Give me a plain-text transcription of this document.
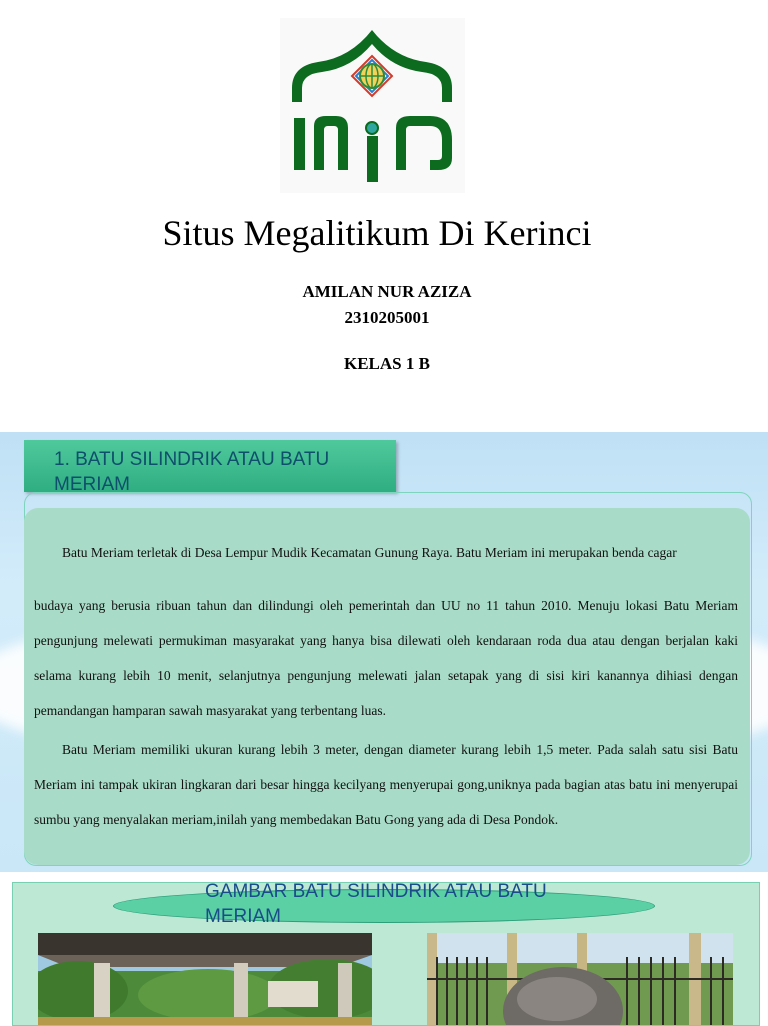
IAIN
Situs Megalitikum Di Kerinci
AMILAN NUR AZIZA
2310205001
KELAS 1 B
1. BATU SILINDRIK ATAU BATU MERIAM

Batu Meriam terletak di Desa Lempur Mudik Kecamatan Gunung Raya. Batu Meriam ini merupakan benda cagar

budaya yang berusia ribuan tahun dan dilindungi oleh pemerintah dan UU no 11 tahun 2010. Menuju lokasi Batu Meriam pengunjung melewati permukiman masyarakat yang hanya bisa dilewati oleh kendaraan roda dua atau dengan berjalan kaki selama kurang lebih 10 menit, selanjutnya pengunjung melewati jalan setapak yang di sisi kiri kanannya dihiasi dengan pemandangan hamparan sawah masyarakat yang terbentang luas.

Batu Meriam memiliki ukuran kurang lebih 3 meter, dengan diameter kurang lebih 1,5 meter. Pada salah satu sisi Batu Meriam ini tampak ukiran lingkaran dari besar hingga kecilyang menyerupai gong,uniknya pada bagian atas batu ini menyerupai sumbu yang menyalakan meriam,inilah yang membedakan Batu Gong yang ada di Desa Pondok.

GAMBAR BATU SILINDRIK ATAU BATU MERIAM
